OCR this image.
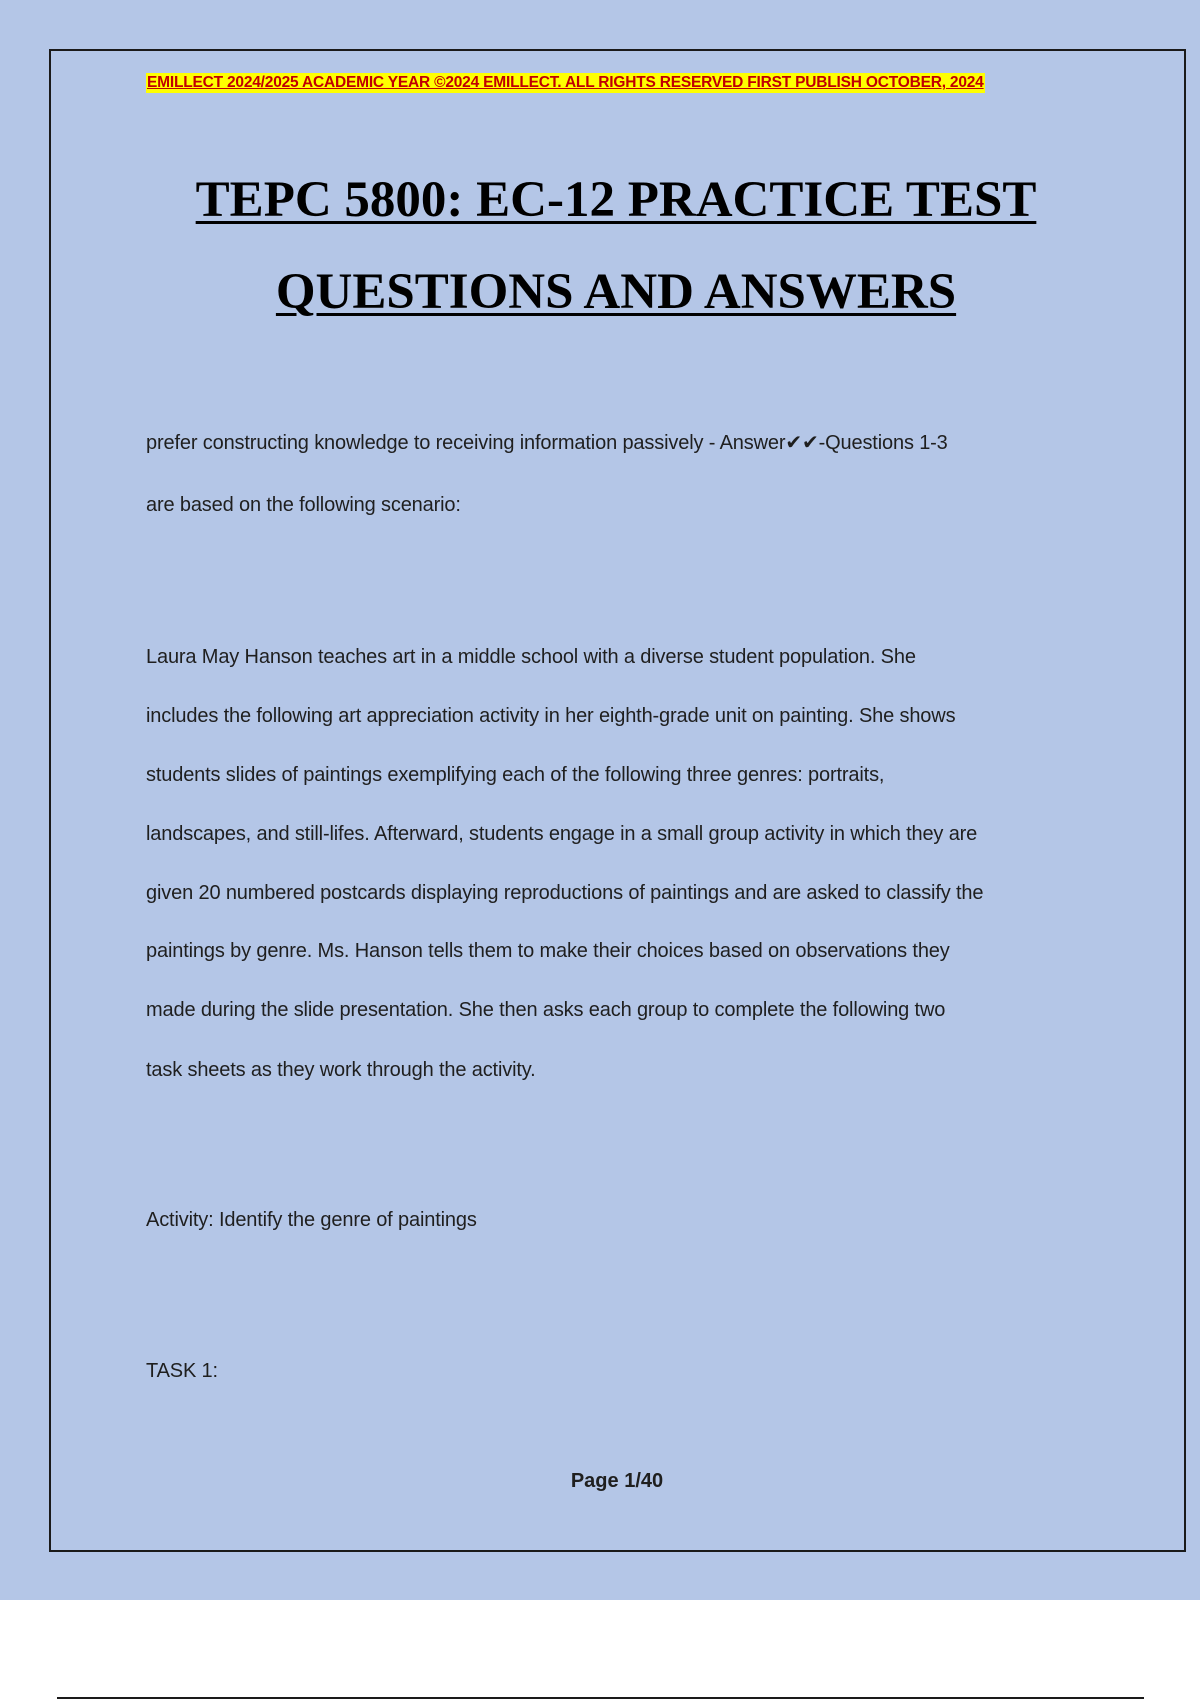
EMILLECT 2024/2025 ACADEMIC YEAR ©2024 EMILLECT. ALL RIGHTS RESERVED FIRST PUBLISH OCTOBER, 2024
TEPC 5800: EC-12 PRACTICE TEST
QUESTIONS AND ANSWERS
prefer constructing knowledge to receiving information passively - Answer✔✔-Questions 1-3
are based on the following scenario:
Laura May Hanson teaches art in a middle school with a diverse student population. She
includes the following art appreciation activity in her eighth-grade unit on painting. She shows
students slides of paintings exemplifying each of the following three genres: portraits,
landscapes, and still-lifes. Afterward, students engage in a small group activity in which they are
given 20 numbered postcards displaying reproductions of paintings and are asked to classify the
paintings by genre. Ms. Hanson tells them to make their choices based on observations they
made during the slide presentation. She then asks each group to complete the following two
task sheets as they work through the activity.
Activity: Identify the genre of paintings
TASK 1:
Page 1/40
